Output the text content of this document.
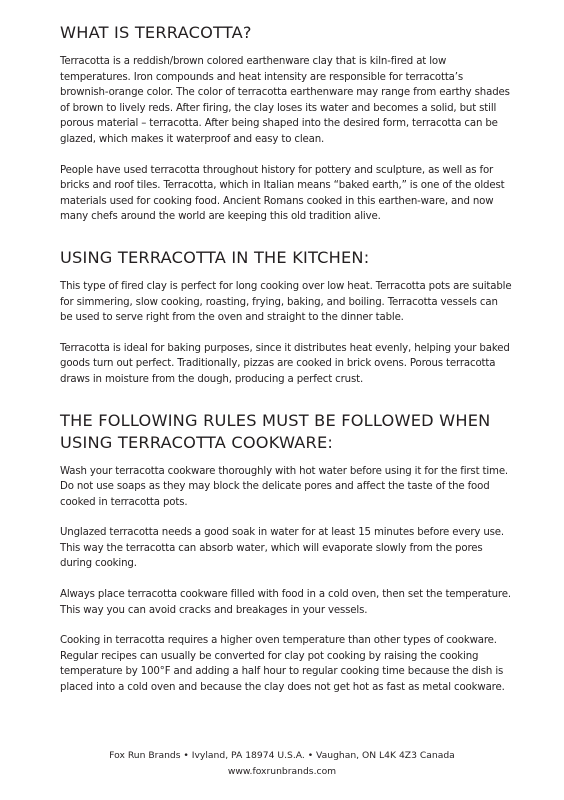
WHAT IS TERRACOTTA?

Terracotta is a reddish/brown colored earthenware clay that is kiln-fired at low temperatures. Iron compounds and heat intensity are responsible for terracotta’s brownish-orange color. The color of terracotta earthenware may range from earthy shades of brown to lively reds. After firing, the clay loses its water and becomes a solid, but still porous material – terracotta. After being shaped into the desired form, terracotta can be glazed, which makes it waterproof and easy to clean.

People have used terracotta throughout history for pottery and sculpture, as well as for bricks and roof tiles. Terracotta, which in Italian means “baked earth,” is one of the oldest materials used for cooking food. Ancient Romans cooked in this earthen-ware, and now many chefs around the world are keeping this old tradition alive.

USING TERRACOTTA IN THE KITCHEN:

This type of fired clay is perfect for long cooking over low heat. Terracotta pots are suitable for simmering, slow cooking, roasting, frying, baking, and boiling. Terracotta vessels can be used to serve right from the oven and straight to the dinner table.

Terracotta is ideal for baking purposes, since it distributes heat evenly, helping your baked goods turn out perfect. Traditionally, pizzas are cooked in brick ovens. Porous terracotta draws in moisture from the dough, producing a perfect crust.

THE FOLLOWING RULES MUST BE FOLLOWED WHEN USING TERRACOTTA COOKWARE:

Wash your terracotta cookware thoroughly with hot water before using it for the first time. Do not use soaps as they may block the delicate pores and affect the taste of the food cooked in terracotta pots.

Unglazed terracotta needs a good soak in water for at least 15 minutes before every use. This way the terracotta can absorb water, which will evaporate slowly from the pores during cooking.

Always place terracotta cookware filled with food in a cold oven, then set the temperature. This way you can avoid cracks and breakages in your vessels.

Cooking in terracotta requires a higher oven temperature than other types of cookware. Regular recipes can usually be converted for clay pot cooking by raising the cooking temperature by 100°F and adding a half hour to regular cooking time because the dish is placed into a cold oven and because the clay does not get hot as fast as metal cookware.

Fox Run Brands • Ivyland, PA 18974 U.S.A. • Vaughan, ON L4K 4Z3 Canada
www.foxrunbrands.com
